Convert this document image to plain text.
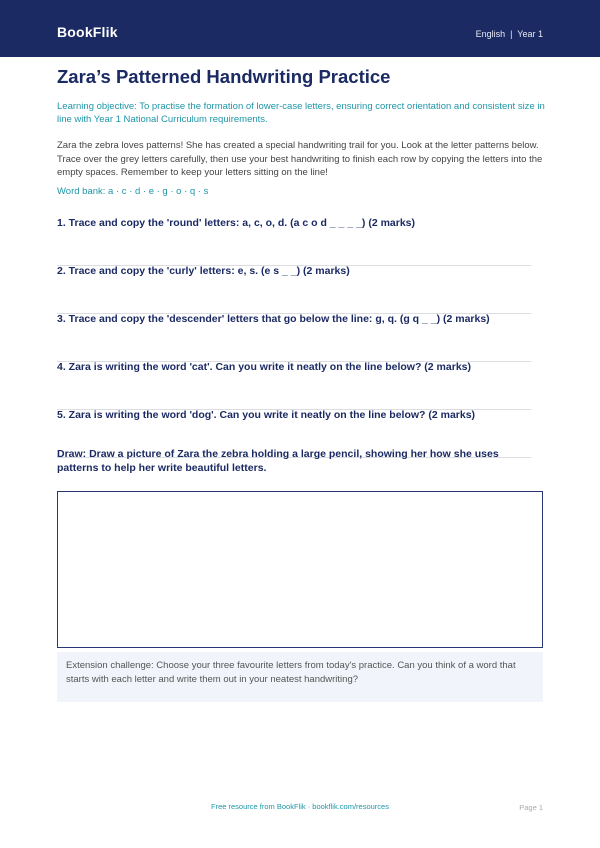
BookFlik	English  |  Year 1
Zara’s Patterned Handwriting Practice
Learning objective: To practise the formation of lower-case letters, ensuring correct orientation and consistent size in line with Year 1 National Curriculum requirements.
Zara the zebra loves patterns! She has created a special handwriting trail for you. Look at the letter patterns below. Trace over the grey letters carefully, then use your best handwriting to finish each row by copying the letters into the empty spaces. Remember to keep your letters sitting on the line!
Word bank: a · c · d · e · g · o · q · s
1. Trace and copy the 'round' letters: a, c, o, d. (a c o d _ _ _ _) (2 marks)
2. Trace and copy the 'curly' letters: e, s. (e s _ _) (2 marks)
3. Trace and copy the 'descender' letters that go below the line: g, q. (g q _ _) (2 marks)
4. Zara is writing the word 'cat'. Can you write it neatly on the line below? (2 marks)
5. Zara is writing the word 'dog'. Can you write it neatly on the line below? (2 marks)
Draw: Draw a picture of Zara the zebra holding a large pencil, showing her how she uses patterns to help her write beautiful letters.
Extension challenge: Choose your three favourite letters from today's practice. Can you think of a word that starts with each letter and write them out in your neatest handwriting?
Free resource from BookFlik · bookflik.com/resources	Page 1
